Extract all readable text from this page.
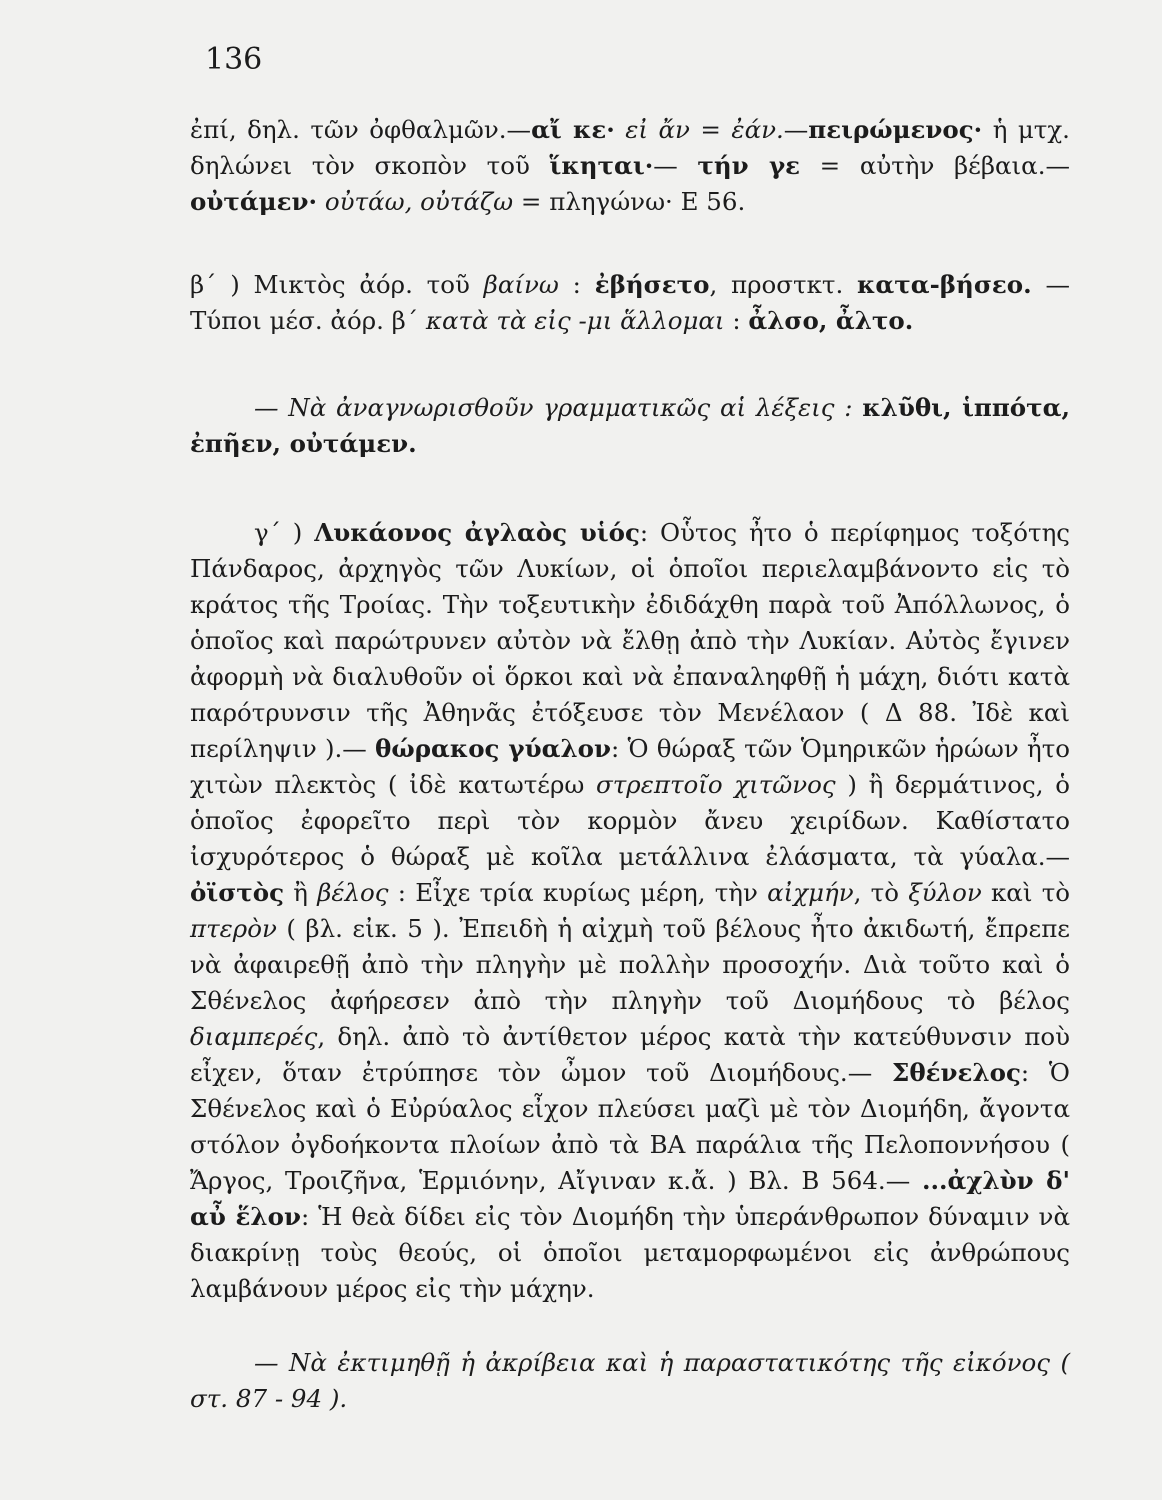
136

ἐπί, δηλ. τῶν ὀφθαλμῶν.—αἴ κε· εἰ ἄν = ἐάν.—πειρώμενος· ἡ μτχ. δηλώνει τὸν σκοπὸν τοῦ ἵκηται·— τήν γε = αὐτὴν βέβαια.—οὐτάμεν· οὐτάω, οὐτάζω = πληγώνω· Ε 56.

β΄ ) Μικτὸς ἀόρ. τοῦ βαίνω : ἐβήσετο, προστκτ. κατα-βήσεο. — Τύποι μέσ. ἀόρ. β΄ κατὰ τὰ εἰς -μι ἅλλομαι : ἆλσο, ἆλτο.

— Νὰ ἀναγνωρισθοῦν γραμματικῶς αἱ λέξεις : κλῦθι, ἱππότα, ἐπῆεν, οὐτάμεν.

γ΄ ) Λυκάονος ἀγλαὸς υἱός: Οὗτος ἦτο ὁ περίφημος τοξότης Πάνδαρος, ἀρχηγὸς τῶν Λυκίων, οἱ ὁποῖοι περιελαμβάνοντο εἰς τὸ κράτος τῆς Τροίας. Τὴν τοξευτικὴν ἐδιδάχθη παρὰ τοῦ Ἀπόλλωνος, ὁ ὁποῖος καὶ παρώτρυνεν αὐτὸν νὰ ἔλθῃ ἀπὸ τὴν Λυκίαν. Αὐτὸς ἔγινεν ἀφορμὴ νὰ διαλυθοῦν οἱ ὅρκοι καὶ νὰ ἐπαναληφθῇ ἡ μάχη, διότι κατὰ παρότρυνσιν τῆς Ἀθηνᾶς ἐτόξευσε τὸν Μενέλαον ( Δ 88. Ἰδὲ καὶ περίληψιν ).— θώρακος γύαλον: Ὁ θώραξ τῶν Ὁμηρικῶν ἡρώων ἦτο χιτὼν πλεκτὸς ( ἰδὲ κατωτέρω στρεπτοῖο χιτῶνος ) ἢ δερμάτινος, ὁ ὁποῖος ἐφορεῖτο περὶ τὸν κορμὸν ἄνευ χειρίδων. Καθίστατο ἰσχυρότερος ὁ θώραξ μὲ κοῖλα μετάλλινα ἐλάσματα, τὰ γύαλα.— ὀϊστὸς ἢ βέλος : Εἶχε τρία κυρίως μέρη, τὴν αἰχμήν, τὸ ξύλον καὶ τὸ πτερὸν ( βλ. εἰκ. 5 ). Ἐπειδὴ ἡ αἰχμὴ τοῦ βέλους ἦτο ἀκιδωτή, ἔπρεπε νὰ ἀφαιρεθῇ ἀπὸ τὴν πληγὴν μὲ πολλὴν προσοχήν. Διὰ τοῦτο καὶ ὁ Σθένελος ἀφήρεσεν ἀπὸ τὴν πληγὴν τοῦ Διομήδους τὸ βέλος διαμπερές, δηλ. ἀπὸ τὸ ἀντίθετον μέρος κατὰ τὴν κατεύθυνσιν ποὺ εἶχεν, ὅταν ἐτρύπησε τὸν ὦμον τοῦ Διομήδους.— Σθένελος: Ὁ Σθένελος καὶ ὁ Εὐρύαλος εἶχον πλεύσει μαζὶ μὲ τὸν Διομήδη, ἄγοντα στόλον ὀγδοήκοντα πλοίων ἀπὸ τὰ ΒΑ παράλια τῆς Πελοποννήσου ( Ἄργος, Τροιζῆνα, Ἑρμιόνην, Αἴγιναν κ.ἄ. ) Βλ. Β 564.— ...ἀχλὺν δ' αὖ ἕλον: Ἡ θεὰ δίδει εἰς τὸν Διομήδη τὴν ὑπεράνθρωπον δύναμιν νὰ διακρίνῃ τοὺς θεούς, οἱ ὁποῖοι μεταμορφωμένοι εἰς ἀνθρώπους λαμβάνουν μέρος εἰς τὴν μάχην.

— Νὰ ἐκτιμηθῇ ἡ ἀκρίβεια καὶ ἡ παραστατικότης τῆς εἰκόνος ( στ. 87 - 94 ).
